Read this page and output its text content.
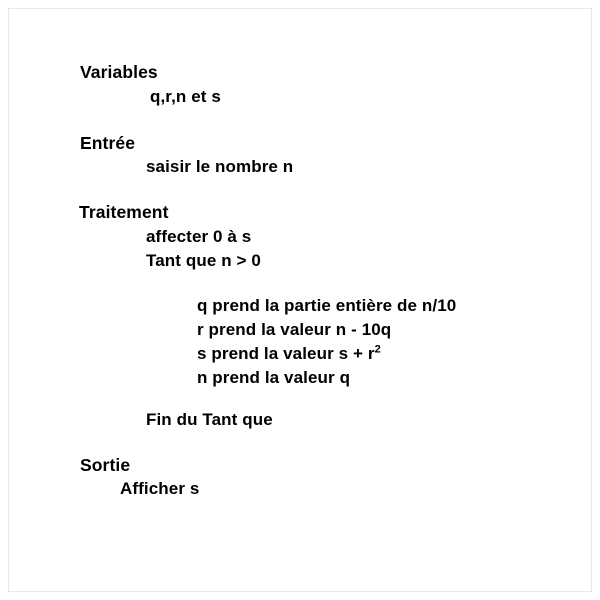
Variables
q,r,n et s
Entrée
saisir le nombre n
Traitement
affecter 0 à s
Tant que n > 0
q prend la partie entière de n/10
r prend la valeur n - 10q
s prend la valeur $s + r^2$
n prend la valeur q
Fin du Tant que
Sortie
Afficher s
